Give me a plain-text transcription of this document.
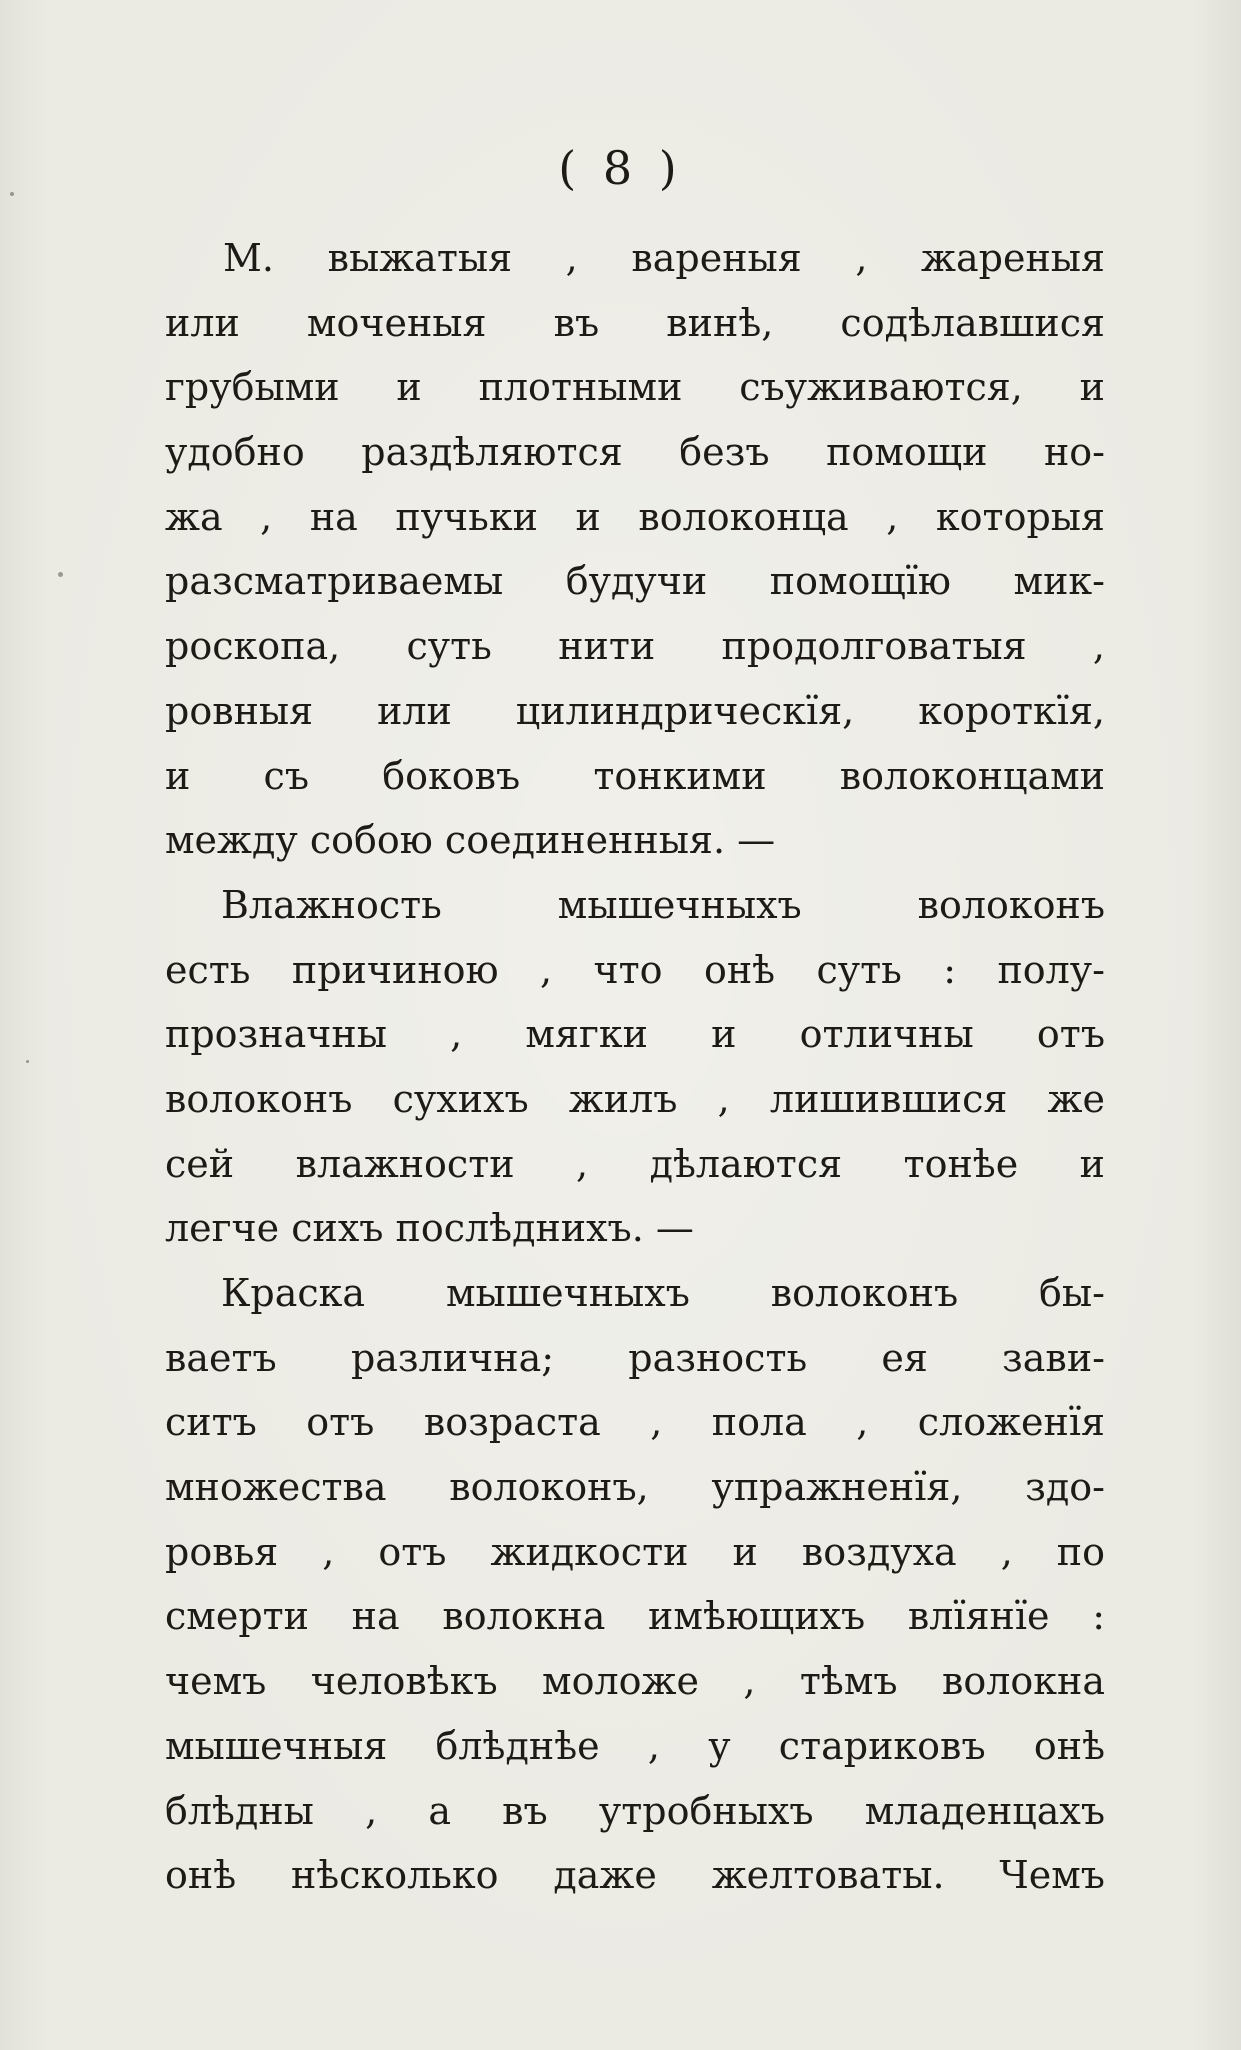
( 8 )
М. выжатыя , вареныя , жареныя
или моченыя въ винѣ, содѣлавшися
грубыми и плотными съуживаются, и
удобно раздѣляются безъ помощи но-
жа , на пучьки и волоконца , которыя
разсматриваемы будучи помощїю мик-
роскопа, суть нити продолговатыя ,
ровныя или цилиндрическїя, короткїя,
и съ боковъ тонкими волоконцами
между собою соединенныя. —
Влажность мышечныхъ волоконъ
есть причиною , что онѣ суть : полу-
прозначны , мягки и отличны отъ
волоконъ сухихъ жилъ , лишившися же
сей влажности , дѣлаются тонѣе и
легче сихъ послѣднихъ. —
Краска мышечныхъ волоконъ бы-
ваетъ различна; разность ея зави-
ситъ отъ возраста , пола , сложенїя
множества волоконъ, упражненїя, здо-
ровья , отъ жидкости и воздуха , по
смерти на волокна имѣющихъ влїянїе :
чемъ человѣкъ моложе , тѣмъ волокна
мышечныя блѣднѣе , у стариковъ онѣ
блѣдны , а въ утробныхъ младенцахъ
онѣ нѣсколько даже желтоваты. Чемъ
